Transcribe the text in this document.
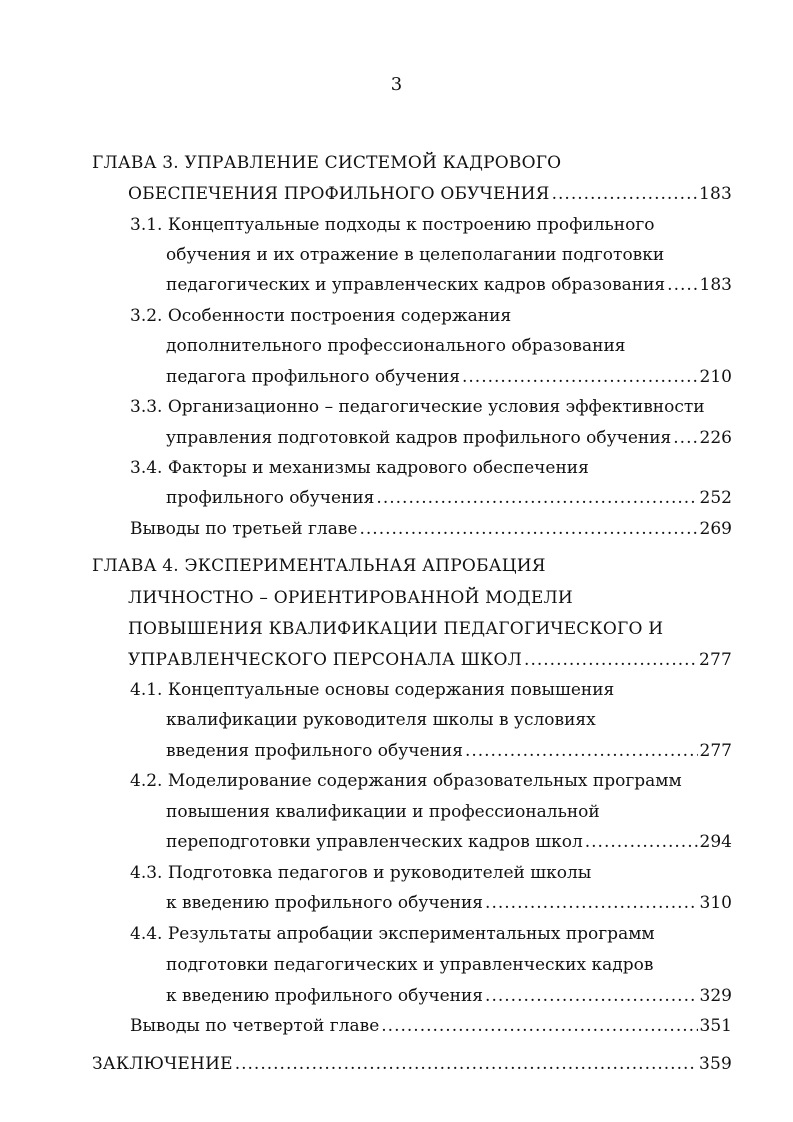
3
ГЛАВА 3. УПРАВЛЕНИЕ СИСТЕМОЙ КАДРОВОГО
ОБЕСПЕЧЕНИЯ ПРОФИЛЬНОГО ОБУЧЕНИЯ .....	183
3.1. Концептуальные подходы к построению профильного
обучения и их отражение в целеполагании подготовки
педагогических и управленческих кадров образования ..... 183
3.2. Особенности построения содержания
дополнительного профессионального образования
педагога профильного обучения .....	210
3.3. Организационно – педагогические условия эффективности
управления подготовкой кадров профильного обучения ..... 226
3.4. Факторы и механизмы кадрового обеспечения
профильного обучения .....	252
Выводы по третьей главе .....	269
ГЛАВА 4. ЭКСПЕРИМЕНТАЛЬНАЯ АПРОБАЦИЯ
ЛИЧНОСТНО – ОРИЕНТИРОВАННОЙ МОДЕЛИ
ПОВЫШЕНИЯ КВАЛИФИКАЦИИ ПЕДАГОГИЧЕСКОГО И
УПРАВЛЕНЧЕСКОГО ПЕРСОНАЛА ШКОЛ .....	277
4.1. Концептуальные основы содержания повышения
квалификации руководителя школы в условиях
введения профильного обучения .....	277
4.2. Моделирование содержания образовательных программ
повышения квалификации и профессиональной
переподготовки управленческих кадров школ .....	294
4.3. Подготовка педагогов и руководителей школы
к введению профильного обучения .....	310
4.4. Результаты апробации экспериментальных программ
подготовки педагогических и управленческих кадров
к введению профильного обучения .....	329
Выводы по четвертой главе .....	351
ЗАКЛЮЧЕНИЕ .....	359
